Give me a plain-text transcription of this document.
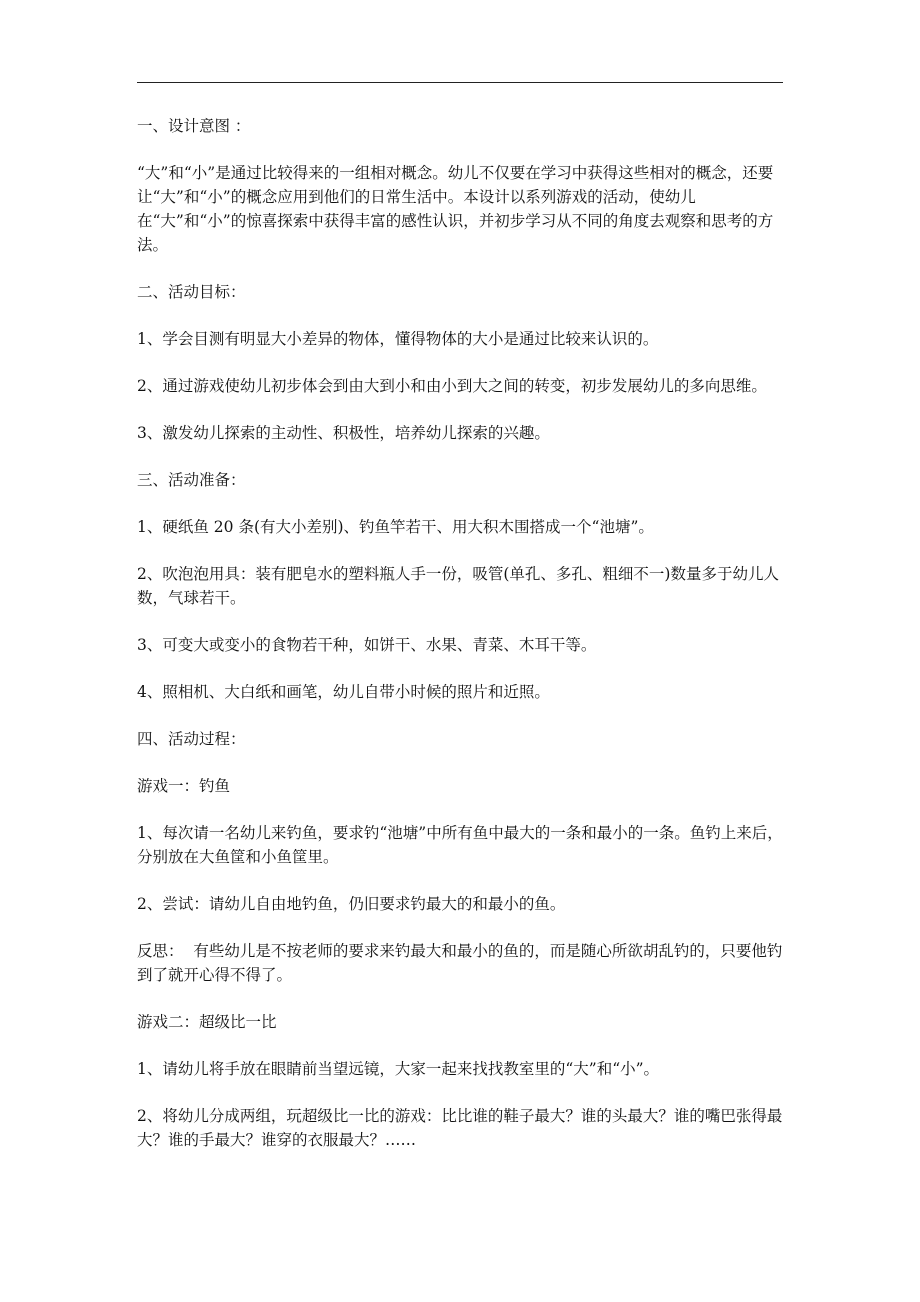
一、设计意图 ：

“大”和“小”是通过比较得来的一组相对概念。幼儿不仅要在学习中获得这些相对的概念，还要让“大”和“小”的概念应用到他们的日常生活中。本设计以系列游戏的活动，使幼儿在“大”和“小”的惊喜探索中获得丰富的感性认识，并初步学习从不同的角度去观察和思考的方法。

二、活动目标：

1、学会目测有明显大小差异的物体，懂得物体的大小是通过比较来认识的。

2、通过游戏使幼儿初步体会到由大到小和由小到大之间的转变，初步发展幼儿的多向思维。

3、激发幼儿探索的主动性、积极性，培养幼儿探索的兴趣。

三、活动准备：

1、硬纸鱼 20 条(有大小差别)、钓鱼竿若干、用大积木围搭成一个“池塘”。

2、吹泡泡用具：装有肥皂水的塑料瓶人手一份，吸管(单孔、多孔、粗细不一)数量多于幼儿人数，气球若干。

3、可变大或变小的食物若干种，如饼干、水果、青菜、木耳干等。

4、照相机、大白纸和画笔，幼儿自带小时候的照片和近照。

四、活动过程：

游戏一：钓鱼

1、每次请一名幼儿来钓鱼，要求钓“池塘”中所有鱼中最大的一条和最小的一条。鱼钓上来后，分别放在大鱼筐和小鱼筐里。

2、尝试：请幼儿自由地钓鱼，仍旧要求钓最大的和最小的鱼。

反思：  有些幼儿是不按老师的要求来钓最大和最小的鱼的，而是随心所欲胡乱钓的，只要他钓到了就开心得不得了。

游戏二：超级比一比

1、请幼儿将手放在眼睛前当望远镜，大家一起来找找教室里的“大”和“小”。

2、将幼儿分成两组，玩超级比一比的游戏：比比谁的鞋子最大？谁的头最大？谁的嘴巴张得最大？谁的手最大？谁穿的衣服最大？……
